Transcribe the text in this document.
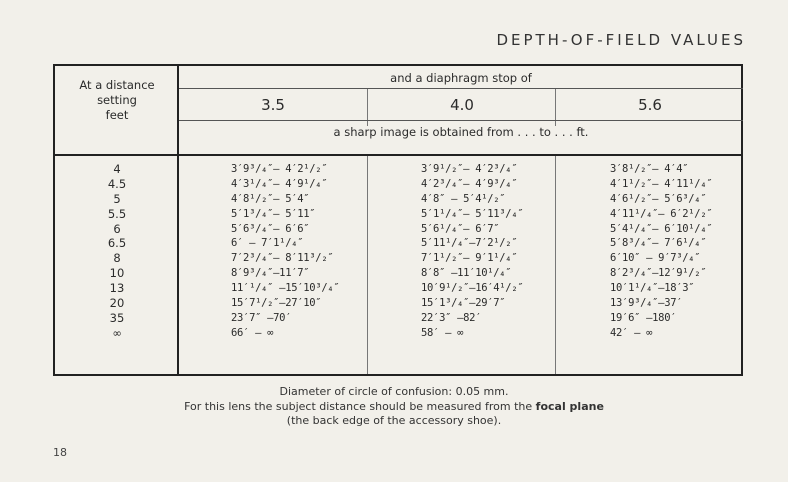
DEPTH-OF-FIELD VALUES
At a distance
setting
feet
and a diaphragm stop of
3.5	4.0	5.6
a sharp image is obtained from . . . to . . . ft.
4
4.5
5
5.5
6
6.5
8
10
13
20
35
∞
3′9³/₄″— 4′2¹/₂″
4′3¹/₄″— 4′9¹/₄″
4′8¹/₂″— 5′4″
5′1³/₄″— 5′11″
5′6³/₄″— 6′6″
6′ — 7′1¹/₄″
7′2³/₄″— 8′11³/₂″
8′9³/₄″—11′7″
11′¹/₄″ —15′10³/₄″
15′7¹/₂″—27′10″
23′7″ —70′
66′ — ∞
3′9¹/₂″— 4′2³/₄″
4′2³/₄″— 4′9³/₄″
4′8″ — 5′4¹/₂″
5′1¹/₄″— 5′11³/₄″
5′6¹/₄″— 6′7″
5′11¹/₄″—7′2¹/₂″
7′1¹/₂″— 9′1¹/₄″
8′8″ —11′10¹/₄″
10′9¹/₂″—16′4¹/₂″
15′1³/₄″—29′7″
22′3″ —82′
58′ — ∞
3′8¹/₂″— 4′4″
4′1¹/₂″— 4′11¹/₄″
4′6¹/₂″— 5′6³/₄″
4′11¹/₄″— 6′2¹/₂″
5′4¹/₄″— 6′10¹/₄″
5′8³/₄″— 7′6¹/₄″
6′10″ — 9′7³/₄″
8′2³/₄″—12′9¹/₂″
10′1¹/₄″—18′3″
13′9³/₄″—37′
19′6″ —180′
42′ — ∞
Diameter of circle of confusion: 0.05 mm.
For this lens the subject distance should be measured from the focal plane
(the back edge of the accessory shoe).
18
